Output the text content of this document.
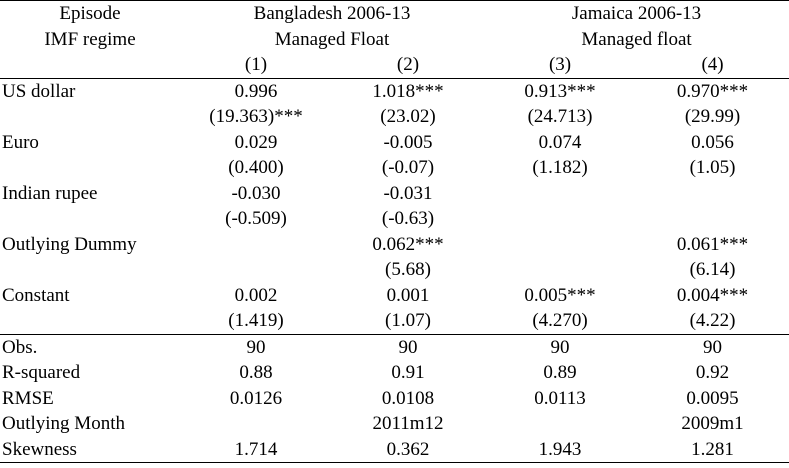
Episode	Bangladesh 2006-13		Jamaica 2006-13	
IMF regime	Managed Float		Managed float	
	(1)	(2)	(3)	(4)
US dollar	0.996	1.018***	0.913***	0.970***
	(19.363)***	(23.02)	(24.713)	(29.99)
Euro	0.029	-0.005	0.074	0.056
	(0.400)	(-0.07)	(1.182)	(1.05)
Indian rupee	-0.030	-0.031		
	(-0.509)	(-0.63)		
Outlying Dummy		0.062***		0.061***
		(5.68)		(6.14)
Constant	0.002	0.001	0.005***	0.004***
	(1.419)	(1.07)	(4.270)	(4.22)
Obs.	90	90	90	90
R-squared	0.88	0.91	0.89	0.92
RMSE	0.0126	0.0108	0.0113	0.0095
Outlying Month		2011m12		2009m1
Skewness	1.714	0.362	1.943	1.281
